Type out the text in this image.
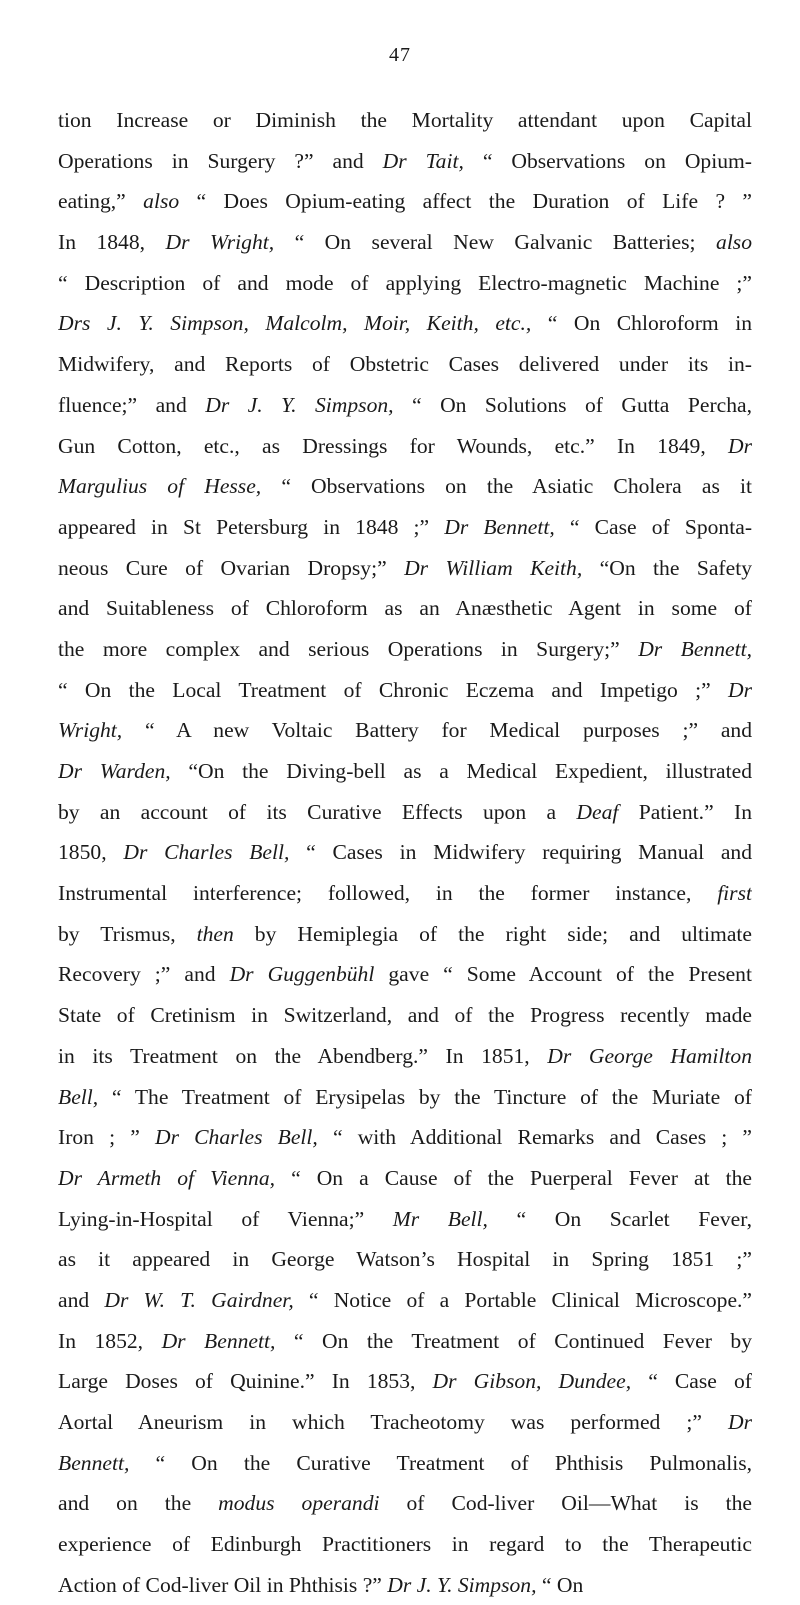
47
tion Increase or Diminish the Mortality attendant upon Capital
Operations in Surgery ?” and Dr Tait, “ Observations on Opium-
eating,” also “ Does Opium-eating affect the Duration of Life ? ”
In 1848, Dr Wright, “ On several New Galvanic Batteries; also
“ Description of and mode of applying Electro-magnetic Machine ;”
Drs J. Y. Simpson, Malcolm, Moir, Keith, etc., “ On Chloroform in
Midwifery, and Reports of Obstetric Cases delivered under its in-
fluence;” and Dr J. Y. Simpson, “ On Solutions of Gutta Percha,
Gun Cotton, etc., as Dressings for Wounds, etc.” In 1849, Dr
Margulius of Hesse, “ Observations on the Asiatic Cholera as it
appeared in St Petersburg in 1848 ;” Dr Bennett, “ Case of Sponta-
neous Cure of Ovarian Dropsy;” Dr William Keith, “On the Safety
and Suitableness of Chloroform as an Anæsthetic Agent in some of
the more complex and serious Operations in Surgery;” Dr Bennett,
“ On the Local Treatment of Chronic Eczema and Impetigo ;” Dr
Wright, “ A new Voltaic Battery for Medical purposes ;” and
Dr Warden, “On the Diving-bell as a Medical Expedient, illustrated
by an account of its Curative Effects upon a Deaf Patient.” In
1850, Dr Charles Bell, “ Cases in Midwifery requiring Manual and
Instrumental interference; followed, in the former instance, first
by Trismus, then by Hemiplegia of the right side; and ultimate
Recovery ;” and Dr Guggenbühl gave “ Some Account of the Present
State of Cretinism in Switzerland, and of the Progress recently made
in its Treatment on the Abendberg.” In 1851, Dr George Hamilton
Bell, “ The Treatment of Erysipelas by the Tincture of the Muriate of
Iron ; ” Dr Charles Bell, “ with Additional Remarks and Cases ; ”
Dr Armeth of Vienna, “ On a Cause of the Puerperal Fever at the
Lying-in-Hospital of Vienna;” Mr Bell, “ On Scarlet Fever,
as it appeared in George Watson’s Hospital in Spring 1851 ;”
and Dr W. T. Gairdner, “ Notice of a Portable Clinical Microscope.”
In 1852, Dr Bennett, “ On the Treatment of Continued Fever by
Large Doses of Quinine.” In 1853, Dr Gibson, Dundee, “ Case of
Aortal Aneurism in which Tracheotomy was performed ;” Dr
Bennett, “ On the Curative Treatment of Phthisis Pulmonalis,
and on the modus operandi of Cod-liver Oil—What is the
experience of Edinburgh Practitioners in regard to the Therapeutic
Action of Cod-liver Oil in Phthisis ?” Dr J. Y. Simpson, “ On
